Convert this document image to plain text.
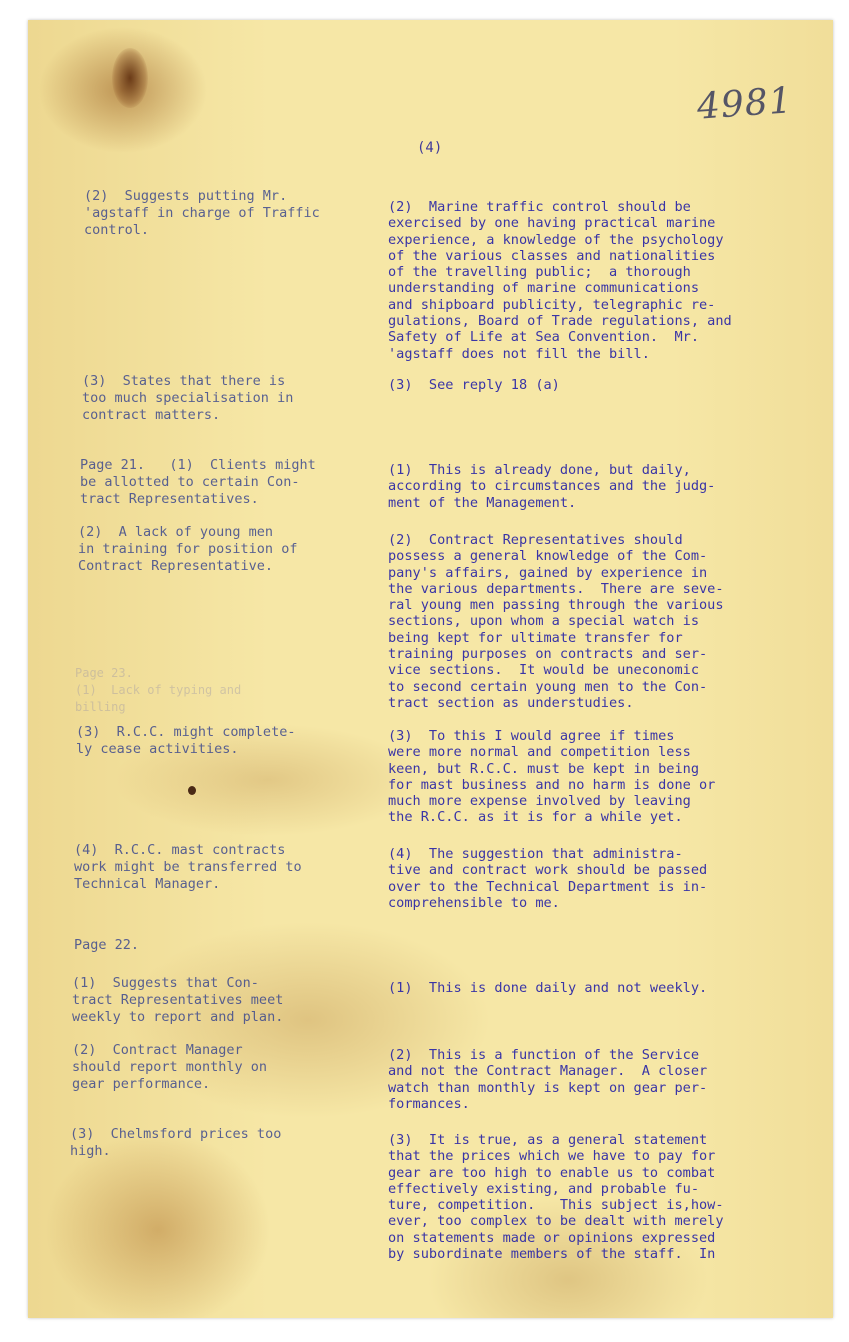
4981
(4)
Page 23.
(1)  Lack of typing and
billing
(2)  Suggests putting Mr.
'agstaff in charge of Traffic
control.
(3)  States that there is
too much specialisation in
contract matters.
Page 21.   (1)  Clients might
be allotted to certain Con-
tract Representatives.
(2)  A lack of young men
in training for position of
Contract Representative.
(3)  R.C.C. might complete-
ly cease activities.
(4)  R.C.C. mast contracts
work might be transferred to
Technical Manager.
Page 22.
(1)  Suggests that Con-
tract Representatives meet
weekly to report and plan.
(2)  Contract Manager
should report monthly on
gear performance.
(3)  Chelmsford prices too
high.
(2)  Marine traffic control should be
exercised by one having practical marine
experience, a knowledge of the psychology
of the various classes and nationalities
of the travelling public;  a thorough
understanding of marine communications
and shipboard publicity, telegraphic re-
gulations, Board of Trade regulations, and
Safety of Life at Sea Convention.  Mr.
'agstaff does not fill the bill.
(3)  See reply 18 (a)
(1)  This is already done, but daily,
according to circumstances and the judg-
ment of the Management.
(2)  Contract Representatives should
possess a general knowledge of the Com-
pany's affairs, gained by experience in
the various departments.  There are seve-
ral young men passing through the various
sections, upon whom a special watch is
being kept for ultimate transfer for
training purposes on contracts and ser-
vice sections.  It would be uneconomic
to second certain young men to the Con-
tract section as understudies.
(3)  To this I would agree if times
were more normal and competition less
keen, but R.C.C. must be kept in being
for mast business and no harm is done or
much more expense involved by leaving
the R.C.C. as it is for a while yet.
(4)  The suggestion that administra-
tive and contract work should be passed
over to the Technical Department is in-
comprehensible to me.
(1)  This is done daily and not weekly.
(2)  This is a function of the Service
and not the Contract Manager.  A closer
watch than monthly is kept on gear per-
formances.
(3)  It is true, as a general statement
that the prices which we have to pay for
gear are too high to enable us to combat
effectively existing, and probable fu-
ture, competition.   This subject is,how-
ever, too complex to be dealt with merely
on statements made or opinions expressed
by subordinate members of the staff.  In
